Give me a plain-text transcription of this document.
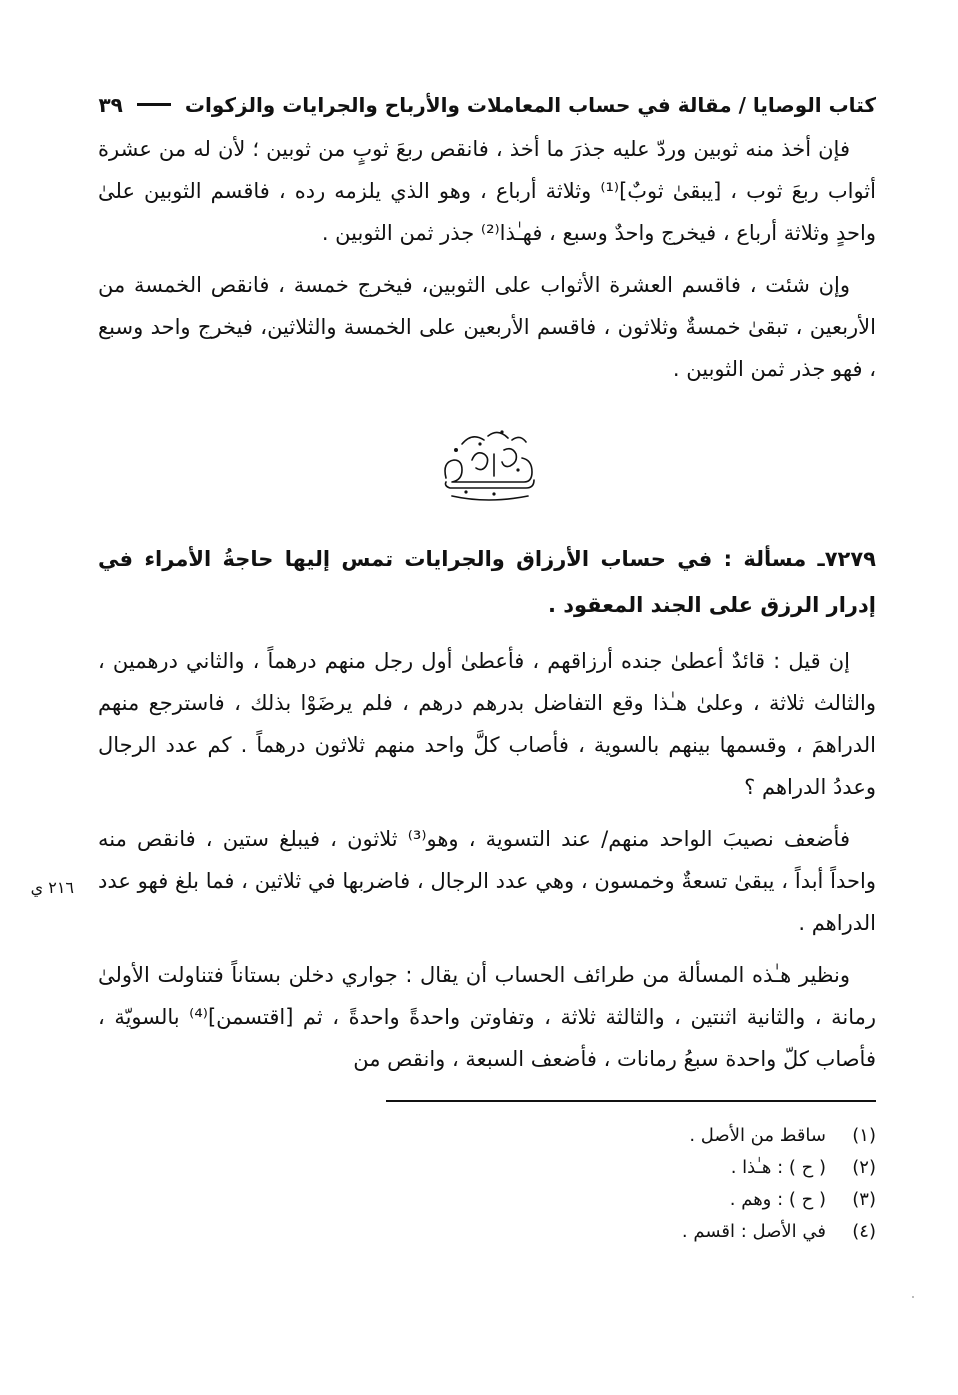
كتاب الوصايا / مقالة في حساب المعاملات والأرباح والجرايات والزكوات
٣٩

فإن أخذ منه ثوبين وردّ عليه جذرَ ما أخذ ، فانقص ربعَ ثوبٍ من ثوبين ؛ لأن له من عشرة أثواب ربعَ ثوب ، [يبقىٰ ثوبٌ]⁽¹⁾ وثلاثة أرباع ، وهو الذي يلزمه رده ، فاقسم الثوبين علىٰ واحدٍ وثلاثة أرباع ، فيخرج واحدٌ وسبع ، فهـٰذا⁽²⁾ جذر ثمن الثوبين .

وإن شئت ، فاقسم العشرة الأثواب على الثوبين، فيخرج خمسة ، فانقص الخمسة من الأربعين ، تبقىٰ خمسةٌ وثلاثون ، فاقسم الأربعين على الخمسة والثلاثين، فيخرج واحد وسبع ، فهو جذر ثمن الثوبين .

٧٢٧٩ـ مسألة : في حساب الأرزاق والجرايات تمس إليها حاجةُ الأمراء في إدرار الرزق على الجند المعقود .

إن قيل : قائدٌ أعطىٰ جنده أرزاقهم ، فأعطىٰ أول رجل منهم درهماً ، والثاني درهمين ، والثالث ثلاثة ، وعلىٰ هـٰذا وقع التفاضل بدرهم درهم ، فلم يرضَوْا بذلك ، فاسترجع منهم الدراهمَ ، وقسمها بينهم بالسوية ، فأصاب كلَّ واحد منهم ثلاثون درهماً . كم عدد الرجال وعددُ الدراهم ؟

فأضعف نصيبَ الواحد منهم/ عند التسوية ، وهو⁽³⁾ ثلاثون ، فيبلغ ستين ، فانقص منه واحداً أبداً ، يبقىٰ تسعةٌ وخمسون ، وهي عدد الرجال ، فاضربها في ثلاثين ، فما بلغ فهو عدد الدراهم .

ونظير هـٰذه المسألة من طرائف الحساب أن يقال : جواري دخلن بستاناً فتناولت الأولىٰ رمانة ، والثانية اثنتين ، والثالثة ثلاثة ، وتفاوتن واحدةً واحدةً ، ثم [اقتسمن]⁽⁴⁾ بالسويّة ، فأصاب كلّ واحدة سبعُ رمانات ، فأضعف السبعة ، وانقص من

(١)
ساقط من الأصل .
(٢)
( ح ) : هـٰذا .
(٣)
( ح ) : وهم .
(٤)
في الأصل : اقسم .
٢١٦ ي
